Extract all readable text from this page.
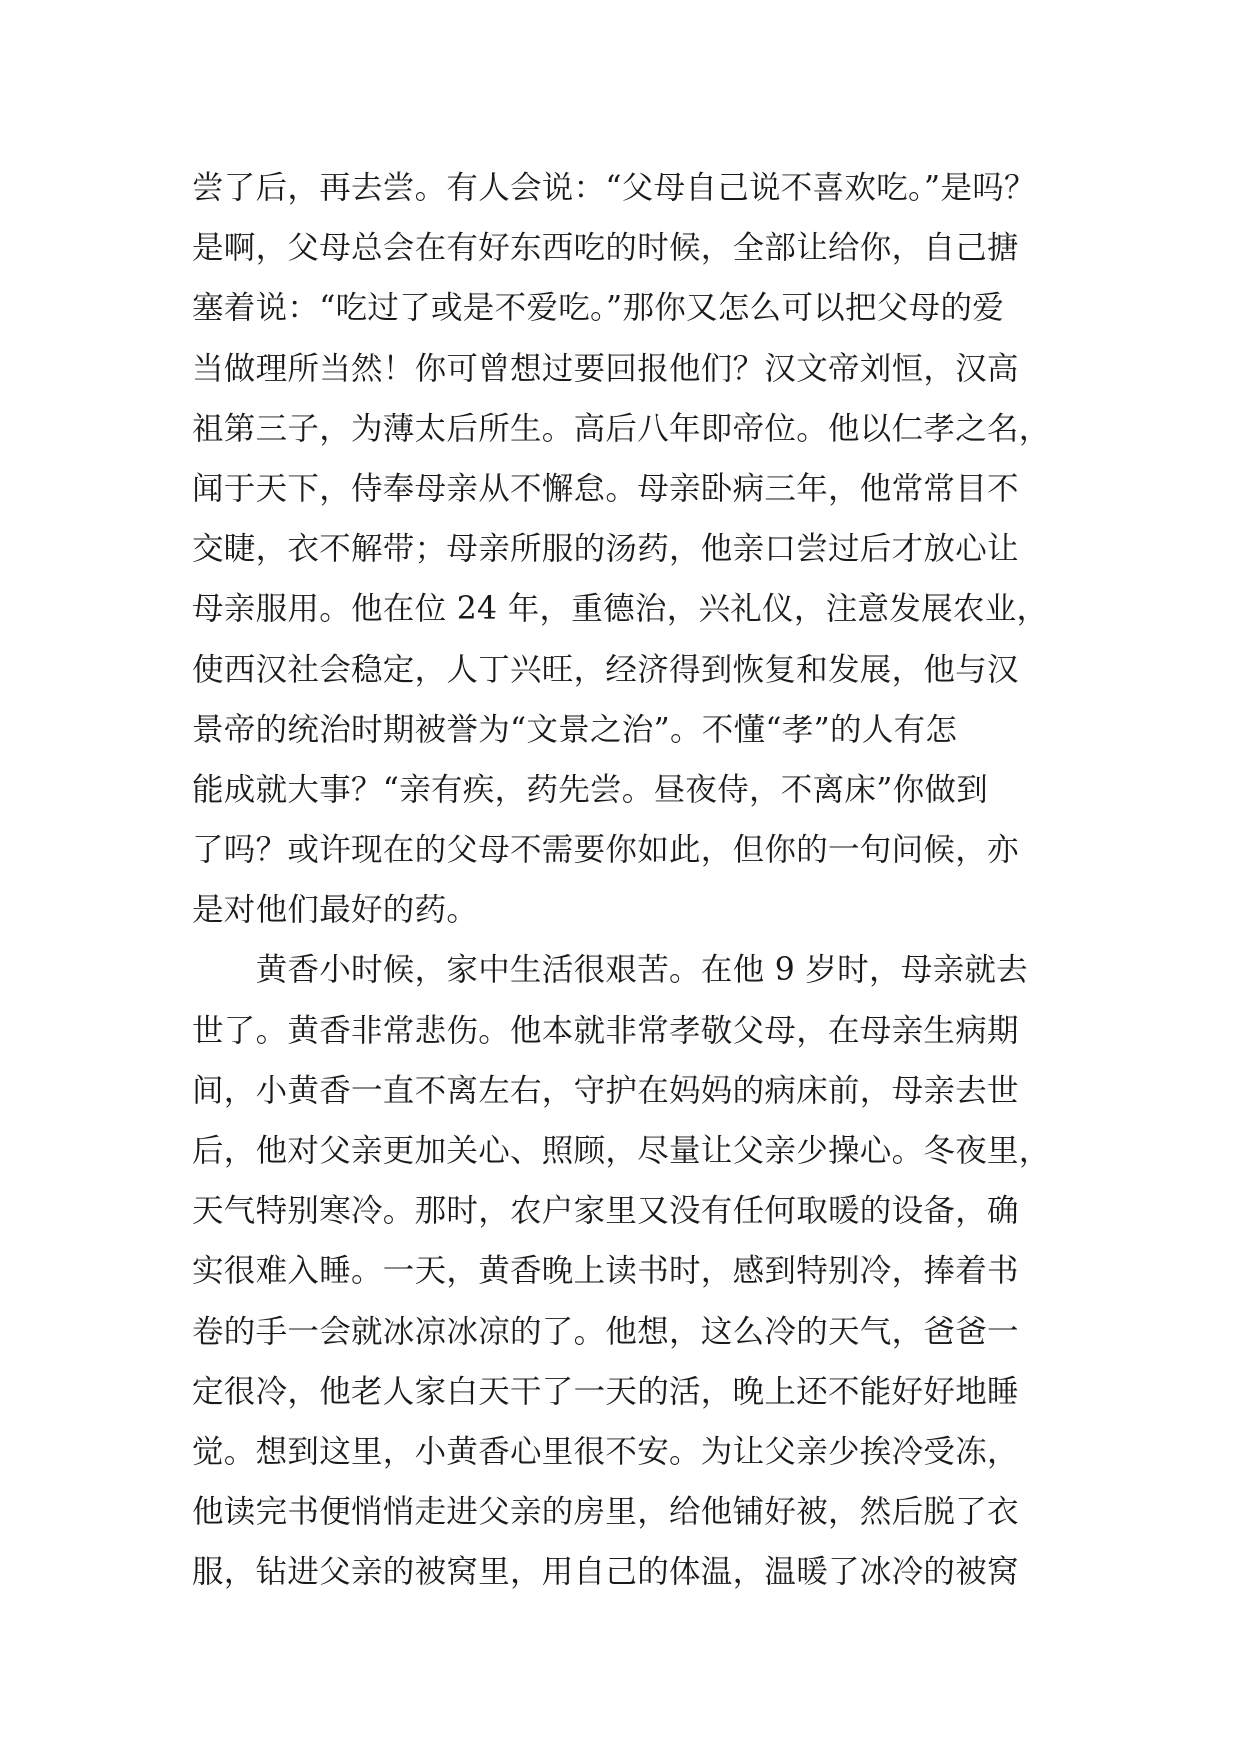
尝了后，再去尝。有人会说：“父母自己说不喜欢吃。”是吗？
是啊，父母总会在有好东西吃的时候，全部让给你，自己搪
塞着说：“吃过了或是不爱吃。”那你又怎么可以把父母的爱
当做理所当然！你可曾想过要回报他们？汉文帝刘恒，汉高
祖第三子，为薄太后所生。高后八年即帝位。他以仁孝之名，
闻于天下，侍奉母亲从不懈怠。母亲卧病三年，他常常目不
交睫，衣不解带；母亲所服的汤药，他亲口尝过后才放心让
母亲服用。他在位 24 年，重德治，兴礼仪，注意发展农业，
使西汉社会稳定，人丁兴旺，经济得到恢复和发展，他与汉
景帝的统治时期被誉为“文景之治”。不懂“孝”的人有怎
能成就大事？“亲有疾，药先尝。昼夜侍，不离床”你做到
了吗？或许现在的父母不需要你如此，但你的一句问候，亦
是对他们最好的药。
　　黄香小时候，家中生活很艰苦。在他 9 岁时，母亲就去
世了。黄香非常悲伤。他本就非常孝敬父母，在母亲生病期
间，小黄香一直不离左右，守护在妈妈的病床前，母亲去世
后，他对父亲更加关心、照顾，尽量让父亲少操心。冬夜里，
天气特别寒冷。那时，农户家里又没有任何取暖的设备，确
实很难入睡。一天，黄香晚上读书时，感到特别冷，捧着书
卷的手一会就冰凉冰凉的了。他想，这么冷的天气，爸爸一
定很冷，他老人家白天干了一天的活，晚上还不能好好地睡
觉。想到这里，小黄香心里很不安。为让父亲少挨冷受冻，
他读完书便悄悄走进父亲的房里，给他铺好被，然后脱了衣
服，钻进父亲的被窝里，用自己的体温，温暖了冰冷的被窝
